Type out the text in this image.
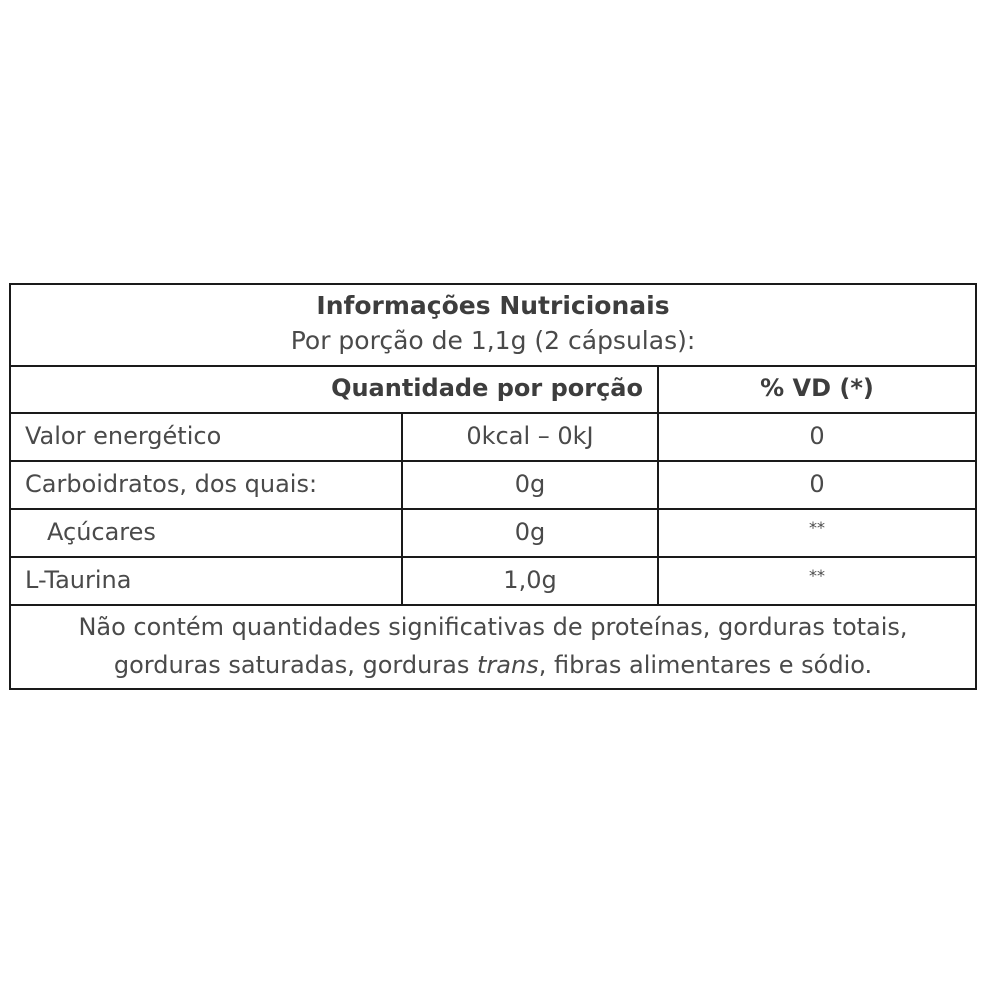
Informações Nutricionais
Por porção de 1,1g (2 cápsulas):
Quantidade por porção	% VD (*)
Valor energético	0kcal – 0kJ	0
Carboidratos, dos quais:	0g	0
Açúcares	0g	**
L-Taurina	1,0g	**
Não contém quantidades significativas de proteínas, gorduras totais, gorduras saturadas, gorduras trans, fibras alimentares e sódio.
